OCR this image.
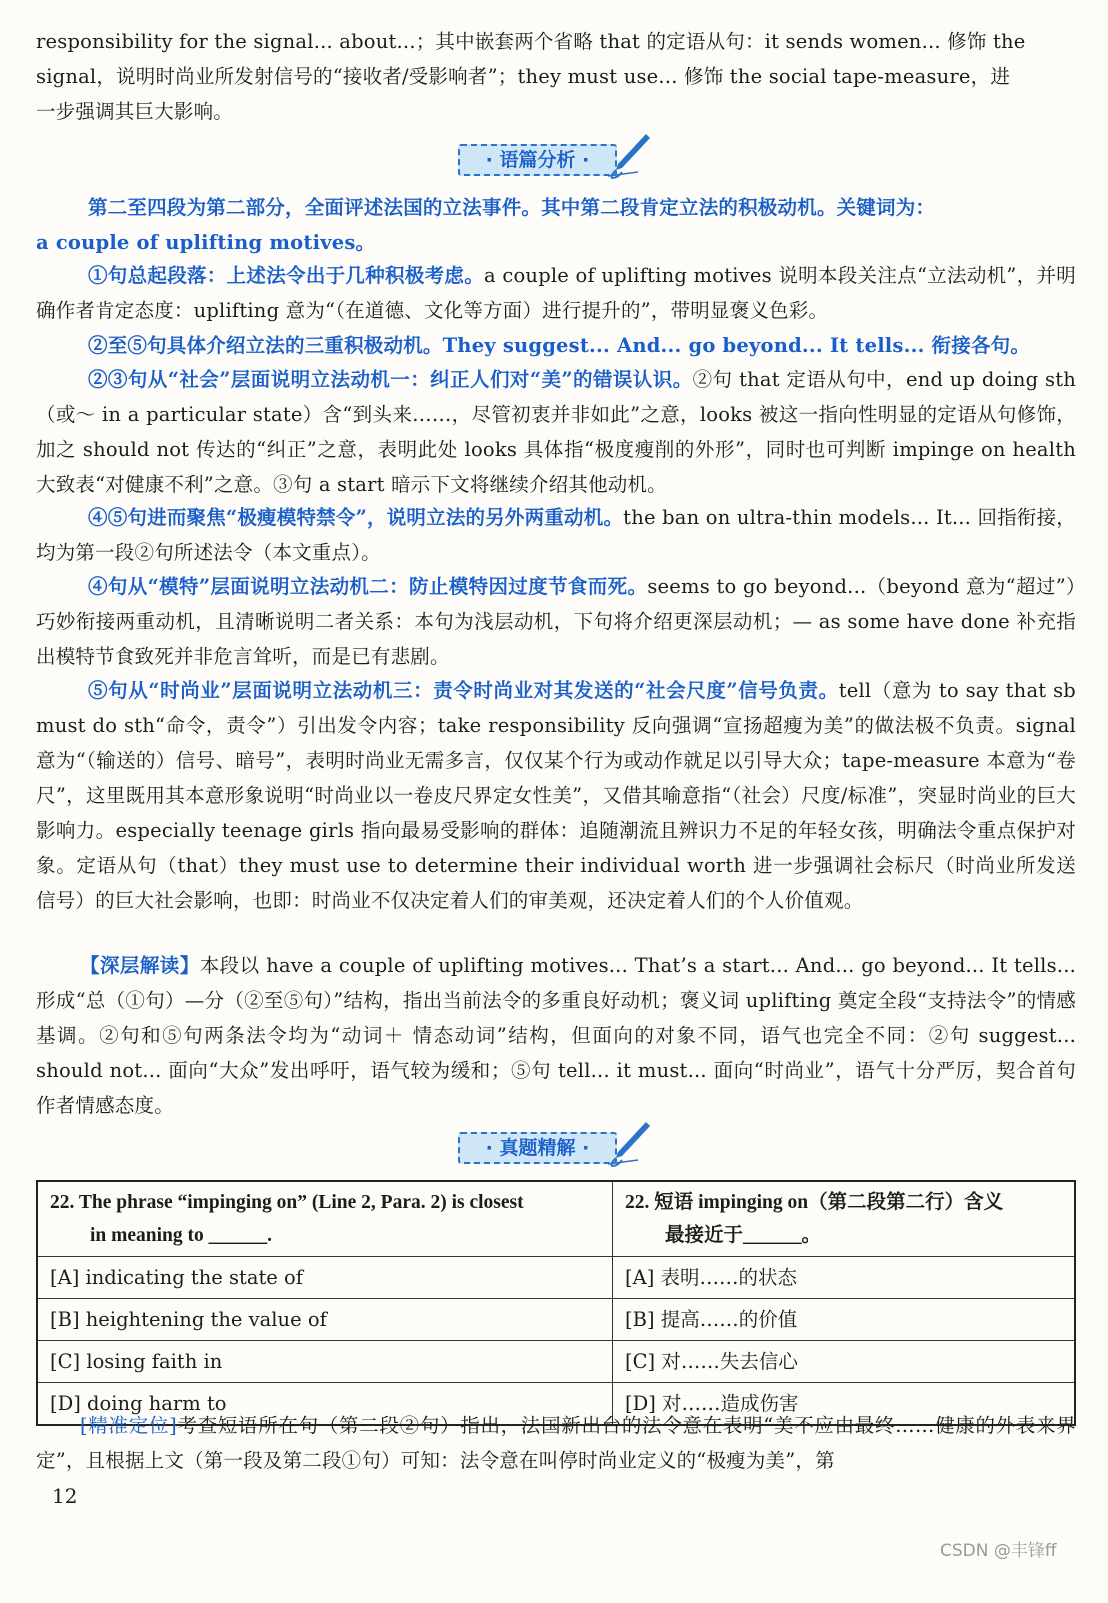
responsibility for the signal... about...；其中嵌套两个省略 that 的定语从句：it sends women... 修饰 the
signal，说明时尚业所发射信号的“接收者/受影响者”；they must use... 修饰 the social tape-measure，进
一步强调其巨大影响。

· 语篇分析 ·

第二至四段为第二部分，全面评述法国的立法事件。其中第二段肯定立法的积极动机。关键词为：
a couple of uplifting motives。

①句总起段落：上述法令出于几种积极考虑。a couple of uplifting motives 说明本段关注点“立法动机”，并明确作者肯定态度：uplifting 意为“（在道德、文化等方面）进行提升的”，带明显褒义色彩。

②至⑤句具体介绍立法的三重积极动机。They suggest... And... go beyond... It tells... 衔接各句。

②③句从“社会”层面说明立法动机一：纠正人们对“美”的错误认识。②句 that 定语从句中，end up doing sth（或～ in a particular state）含“到头来……，尽管初衷并非如此”之意，looks 被这一指向性明显的定语从句修饰，加之 should not 传达的“纠正”之意，表明此处 looks 具体指“极度瘦削的外形”，同时也可判断 impinge on health 大致表“对健康不利”之意。③句 a start 暗示下文将继续介绍其他动机。

④⑤句进而聚焦“极瘦模特禁令”，说明立法的另外两重动机。the ban on ultra-thin models... It... 回指衔接，均为第一段②句所述法令（本文重点）。

④句从“模特”层面说明立法动机二：防止模特因过度节食而死。seems to go beyond...（beyond 意为“超过”）巧妙衔接两重动机，且清晰说明二者关系：本句为浅层动机，下句将介绍更深层动机；— as some have done 补充指出模特节食致死并非危言耸听，而是已有悲剧。

⑤句从“时尚业”层面说明立法动机三：责令时尚业对其发送的“社会尺度”信号负责。tell（意为 to say that sb must do sth“命令，责令”）引出发令内容；take responsibility 反向强调“宣扬超瘦为美”的做法极不负责。signal 意为“（输送的）信号、暗号”，表明时尚业无需多言，仅仅某个行为或动作就足以引导大众；tape-measure 本意为“卷尺”，这里既用其本意形象说明“时尚业以一卷皮尺界定女性美”，又借其喻意指“（社会）尺度/标准”，突显时尚业的巨大影响力。especially teenage girls 指向最易受影响的群体：追随潮流且辨识力不足的年轻女孩，明确法令重点保护对象。定语从句（that）they must use to determine their individual worth 进一步强调社会标尺（时尚业所发送信号）的巨大社会影响，也即：时尚业不仅决定着人们的审美观，还决定着人们的个人价值观。

【深层解读】本段以 have a couple of uplifting motives... That’s a start... And... go beyond... It tells... 形成“总（①句）—分（②至⑤句）”结构，指出当前法令的多重良好动机；褒义词 uplifting 奠定全段“支持法令”的情感基调。②句和⑤句两条法令均为“动词＋ 情态动词”结构，但面向的对象不同，语气也完全不同：②句 suggest... should not... 面向“大众”发出呼吁，语气较为缓和；⑤句 tell... it must... 面向“时尚业”，语气十分严厉，契合首句作者情感态度。

· 真题精解 ·
22. The phrase “impinging on” (Line 2, Para. 2) is closest
in meaning to ______.	22. 短语 impinging on（第二段第二行）含义
最接近于______。
[A] indicating the state of	[A] 表明……的状态
[B] heightening the value of	[B] 提高……的价值
[C] losing faith in	[C] 对……失去信心
[D] doing harm to	[D] 对……造成伤害

[精准定位]考查短语所在句（第二段②句）指出，法国新出台的法令意在表明“美不应由最终……健康的外表来界定”，且根据上文（第一段及第二段①句）可知：法令意在叫停时尚业定义的“极瘦为美”，第

12
CSDN @丰锋ff
